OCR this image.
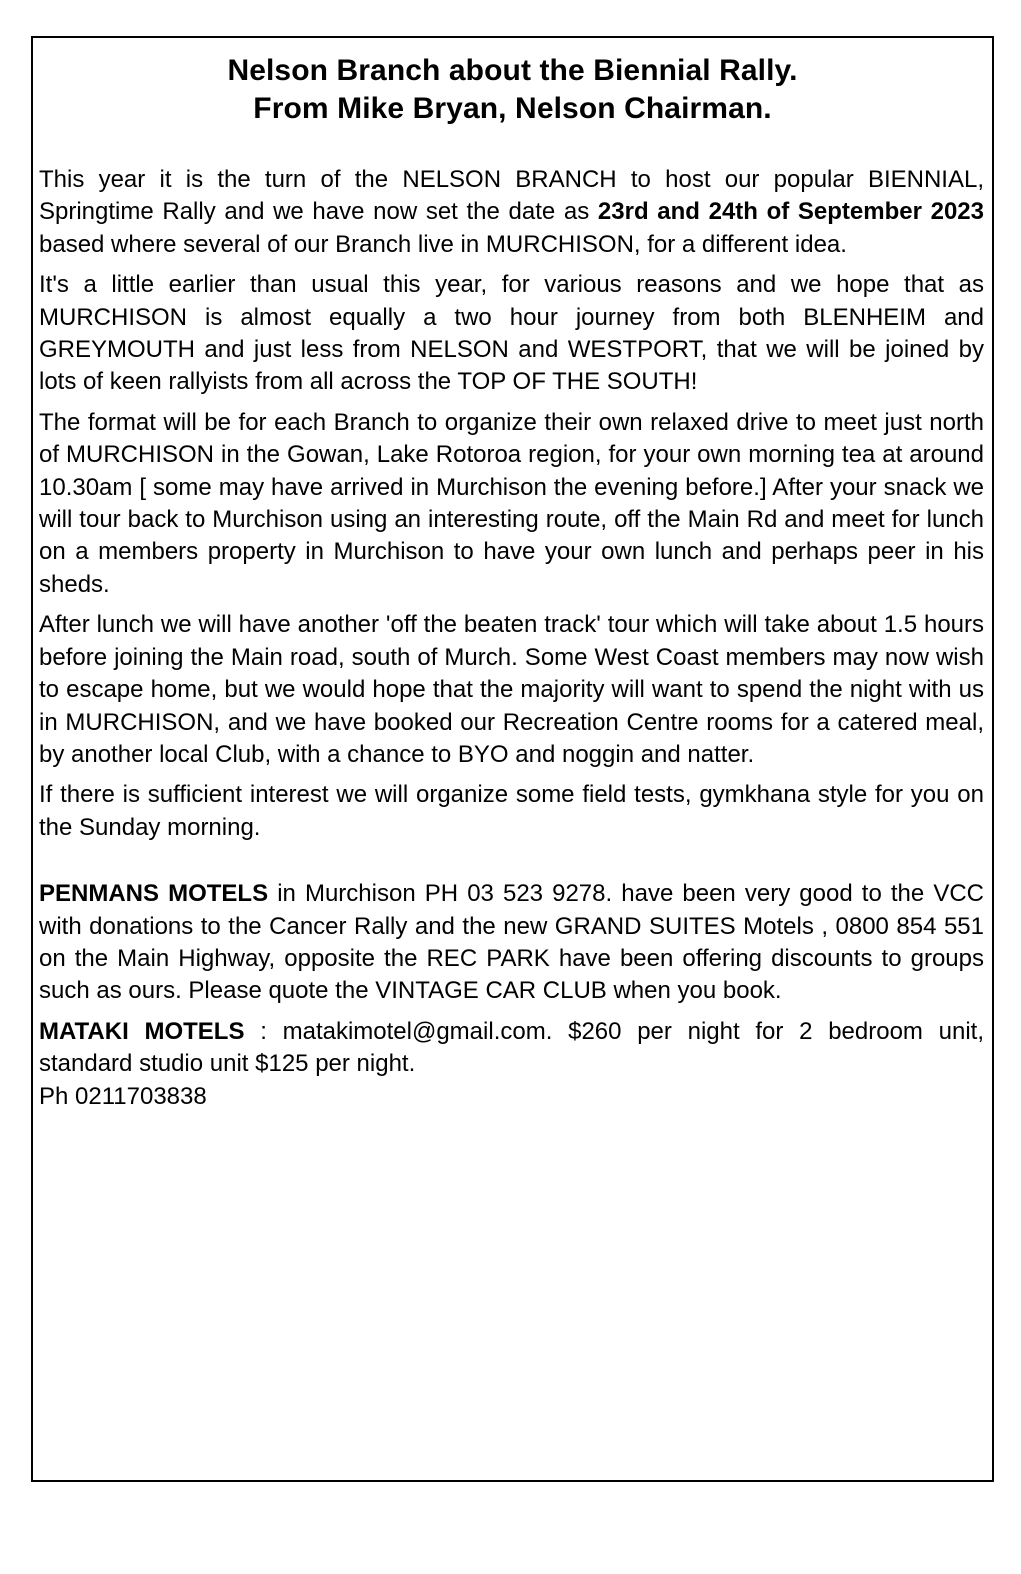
Nelson Branch about the Biennial Rally.
From Mike Bryan, Nelson Chairman.

This year it is the turn of the NELSON BRANCH to host our popular BIENNIAL, Springtime Rally and we have now set the date as 23rd and 24th of September 2023 based where several of our Branch live in MURCHISON, for a different idea.

It's a little earlier than usual this year, for various reasons and we hope that as MURCHISON is almost equally a two hour journey from both BLENHEIM and GREYMOUTH and just less from NELSON and WESTPORT, that we will be joined by lots of keen rallyists from all across the TOP OF THE SOUTH!

The format will be for each Branch to organize their own relaxed drive to meet just north of MURCHISON in the Gowan, Lake Rotoroa region, for your own morning tea at around 10.30am [ some may have arrived in Murchison the evening before.] After your snack we will tour back to Murchison using an interesting route, off the Main Rd and meet for lunch on a members property in Murchison to have your own lunch and perhaps peer in his sheds.

After lunch we will have another 'off the beaten track' tour which will take about 1.5 hours before joining the Main road, south of Murch. Some West Coast members may now wish to escape home, but we would hope that the majority will want to spend the night with us in MURCHISON, and we have booked our Recreation Centre rooms for a catered meal, by another local Club, with a chance to BYO and noggin and natter.

If there is sufficient interest we will organize some field tests, gymkhana style for you on the Sunday morning.

PENMANS MOTELS in Murchison PH 03 523 9278. have been very good to the VCC with donations to the Cancer Rally and the new GRAND SUITES Motels , 0800 854 551 on the Main Highway, opposite the REC PARK have been offering discounts to groups such as ours. Please quote the VINTAGE CAR CLUB when you book.

MATAKI MOTELS : matakimotel@gmail.com. $260 per night for 2 bedroom unit, standard studio unit $125 per night.
Ph 0211703838
